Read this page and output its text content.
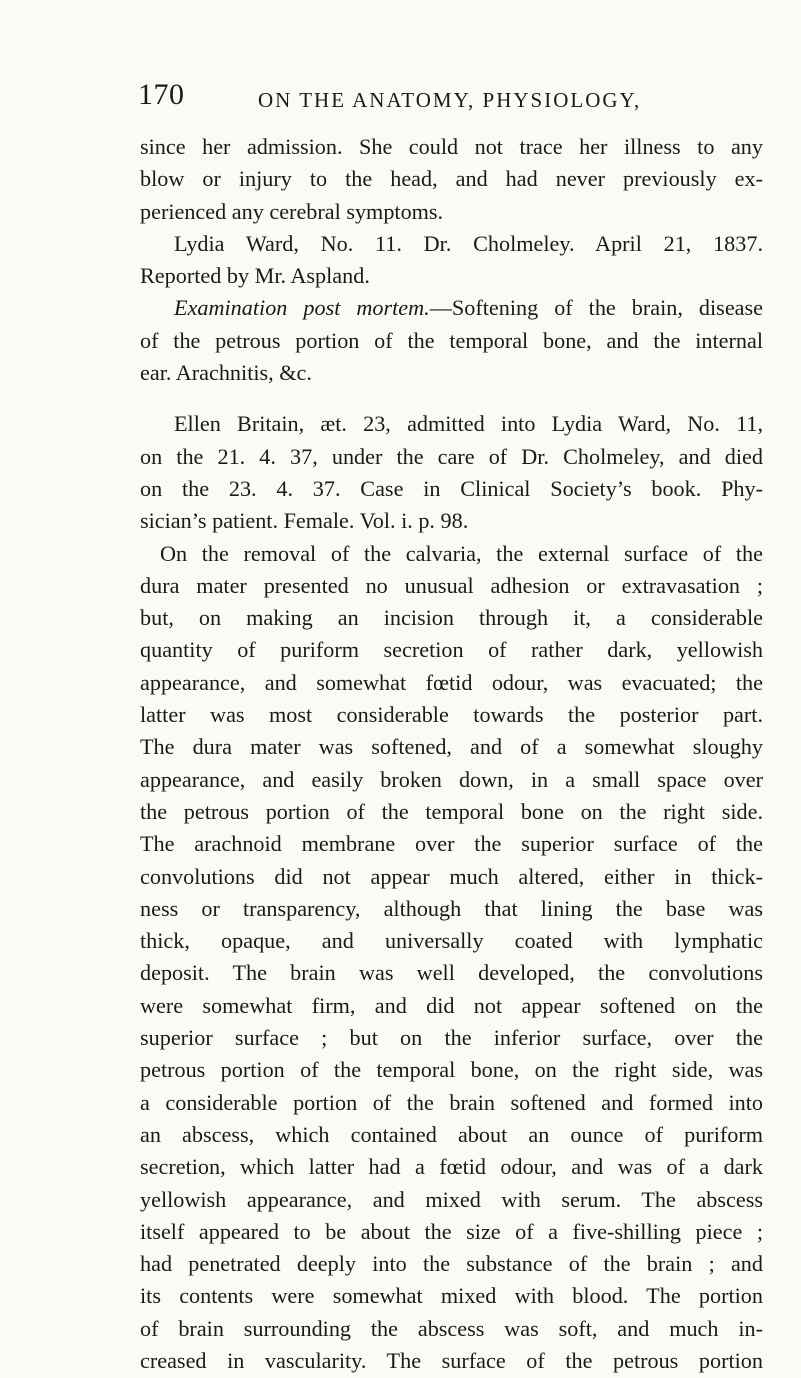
170	ON THE ANATOMY, PHYSIOLOGY,
since her admission. She could not trace her illness to any
blow or injury to the head, and had never previously ex-
perienced any cerebral symptoms.
Lydia Ward, No. 11. Dr. Cholmeley. April 21, 1837.
Reported by Mr. Aspland.
Examination post mortem.—Softening of the brain, disease
of the petrous portion of the temporal bone, and the internal
ear. Arachnitis, &c.
Ellen Britain, æt. 23, admitted into Lydia Ward, No. 11,
on the 21. 4. 37, under the care of Dr. Cholmeley, and died
on the 23. 4. 37. Case in Clinical Society’s book. Phy-
sician’s patient. Female. Vol. i. p. 98.
On the removal of the calvaria, the external surface of the
dura mater presented no unusual adhesion or extravasation ;
but, on making an incision through it, a considerable
quantity of puriform secretion of rather dark, yellowish
appearance, and somewhat fœtid odour, was evacuated; the
latter was most considerable towards the posterior part.
The dura mater was softened, and of a somewhat sloughy
appearance, and easily broken down, in a small space over
the petrous portion of the temporal bone on the right side.
The arachnoid membrane over the superior surface of the
convolutions did not appear much altered, either in thick-
ness or transparency, although that lining the base was
thick, opaque, and universally coated with lymphatic
deposit. The brain was well developed, the convolutions
were somewhat firm, and did not appear softened on the
superior surface ; but on the inferior surface, over the
petrous portion of the temporal bone, on the right side, was
a considerable portion of the brain softened and formed into
an abscess, which contained about an ounce of puriform
secretion, which latter had a fœtid odour, and was of a dark
yellowish appearance, and mixed with serum. The abscess
itself appeared to be about the size of a five-shilling piece ;
had penetrated deeply into the substance of the brain ; and
its contents were somewhat mixed with blood. The portion
of brain surrounding the abscess was soft, and much in-
creased in vascularity. The surface of the petrous portion
